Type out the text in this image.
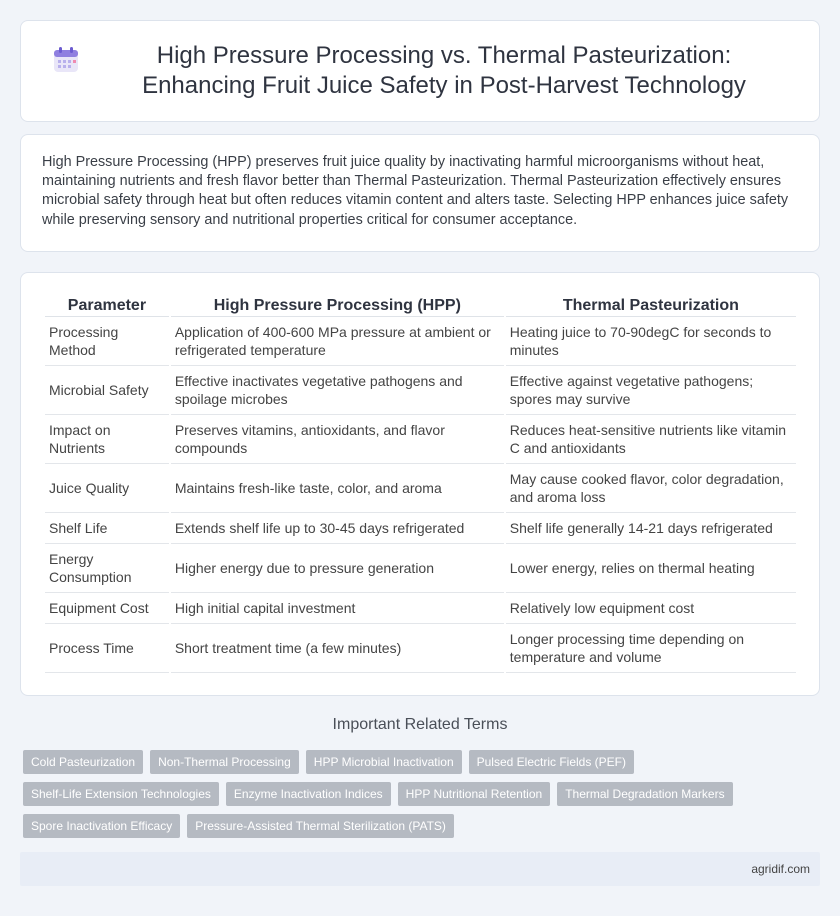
High Pressure Processing vs. Thermal Pasteurization: Enhancing Fruit Juice Safety in Post-Harvest Technology

High Pressure Processing (HPP) preserves fruit juice quality by inactivating harmful microorganisms without heat, maintaining nutrients and fresh flavor better than Thermal Pasteurization. Thermal Pasteurization effectively ensures microbial safety through heat but often reduces vitamin content and alters taste. Selecting HPP enhances juice safety while preserving sensory and nutritional properties critical for consumer acceptance.

Parameter	High Pressure Processing (HPP)	Thermal Pasteurization
Processing Method	Application of 400-600 MPa pressure at ambient or refrigerated temperature	Heating juice to 70-90degC for seconds to minutes
Microbial Safety	Effective inactivates vegetative pathogens and spoilage microbes	Effective against vegetative pathogens; spores may survive
Impact on Nutrients	Preserves vitamins, antioxidants, and flavor compounds	Reduces heat-sensitive nutrients like vitamin C and antioxidants
Juice Quality	Maintains fresh-like taste, color, and aroma	May cause cooked flavor, color degradation, and aroma loss
Shelf Life	Extends shelf life up to 30-45 days refrigerated	Shelf life generally 14-21 days refrigerated
Energy Consumption	Higher energy due to pressure generation	Lower energy, relies on thermal heating
Equipment Cost	High initial capital investment	Relatively low equipment cost
Process Time	Short treatment time (a few minutes)	Longer processing time depending on temperature and volume
Important Related Terms
Cold Pasteurization	Non-Thermal Processing	HPP Microbial Inactivation	Pulsed Electric Fields (PEF)
Shelf-Life Extension Technologies	Enzyme Inactivation Indices	HPP Nutritional Retention	Thermal Degradation Markers
Spore Inactivation Efficacy	Pressure-Assisted Thermal Sterilization (PATS)
agridif.com
